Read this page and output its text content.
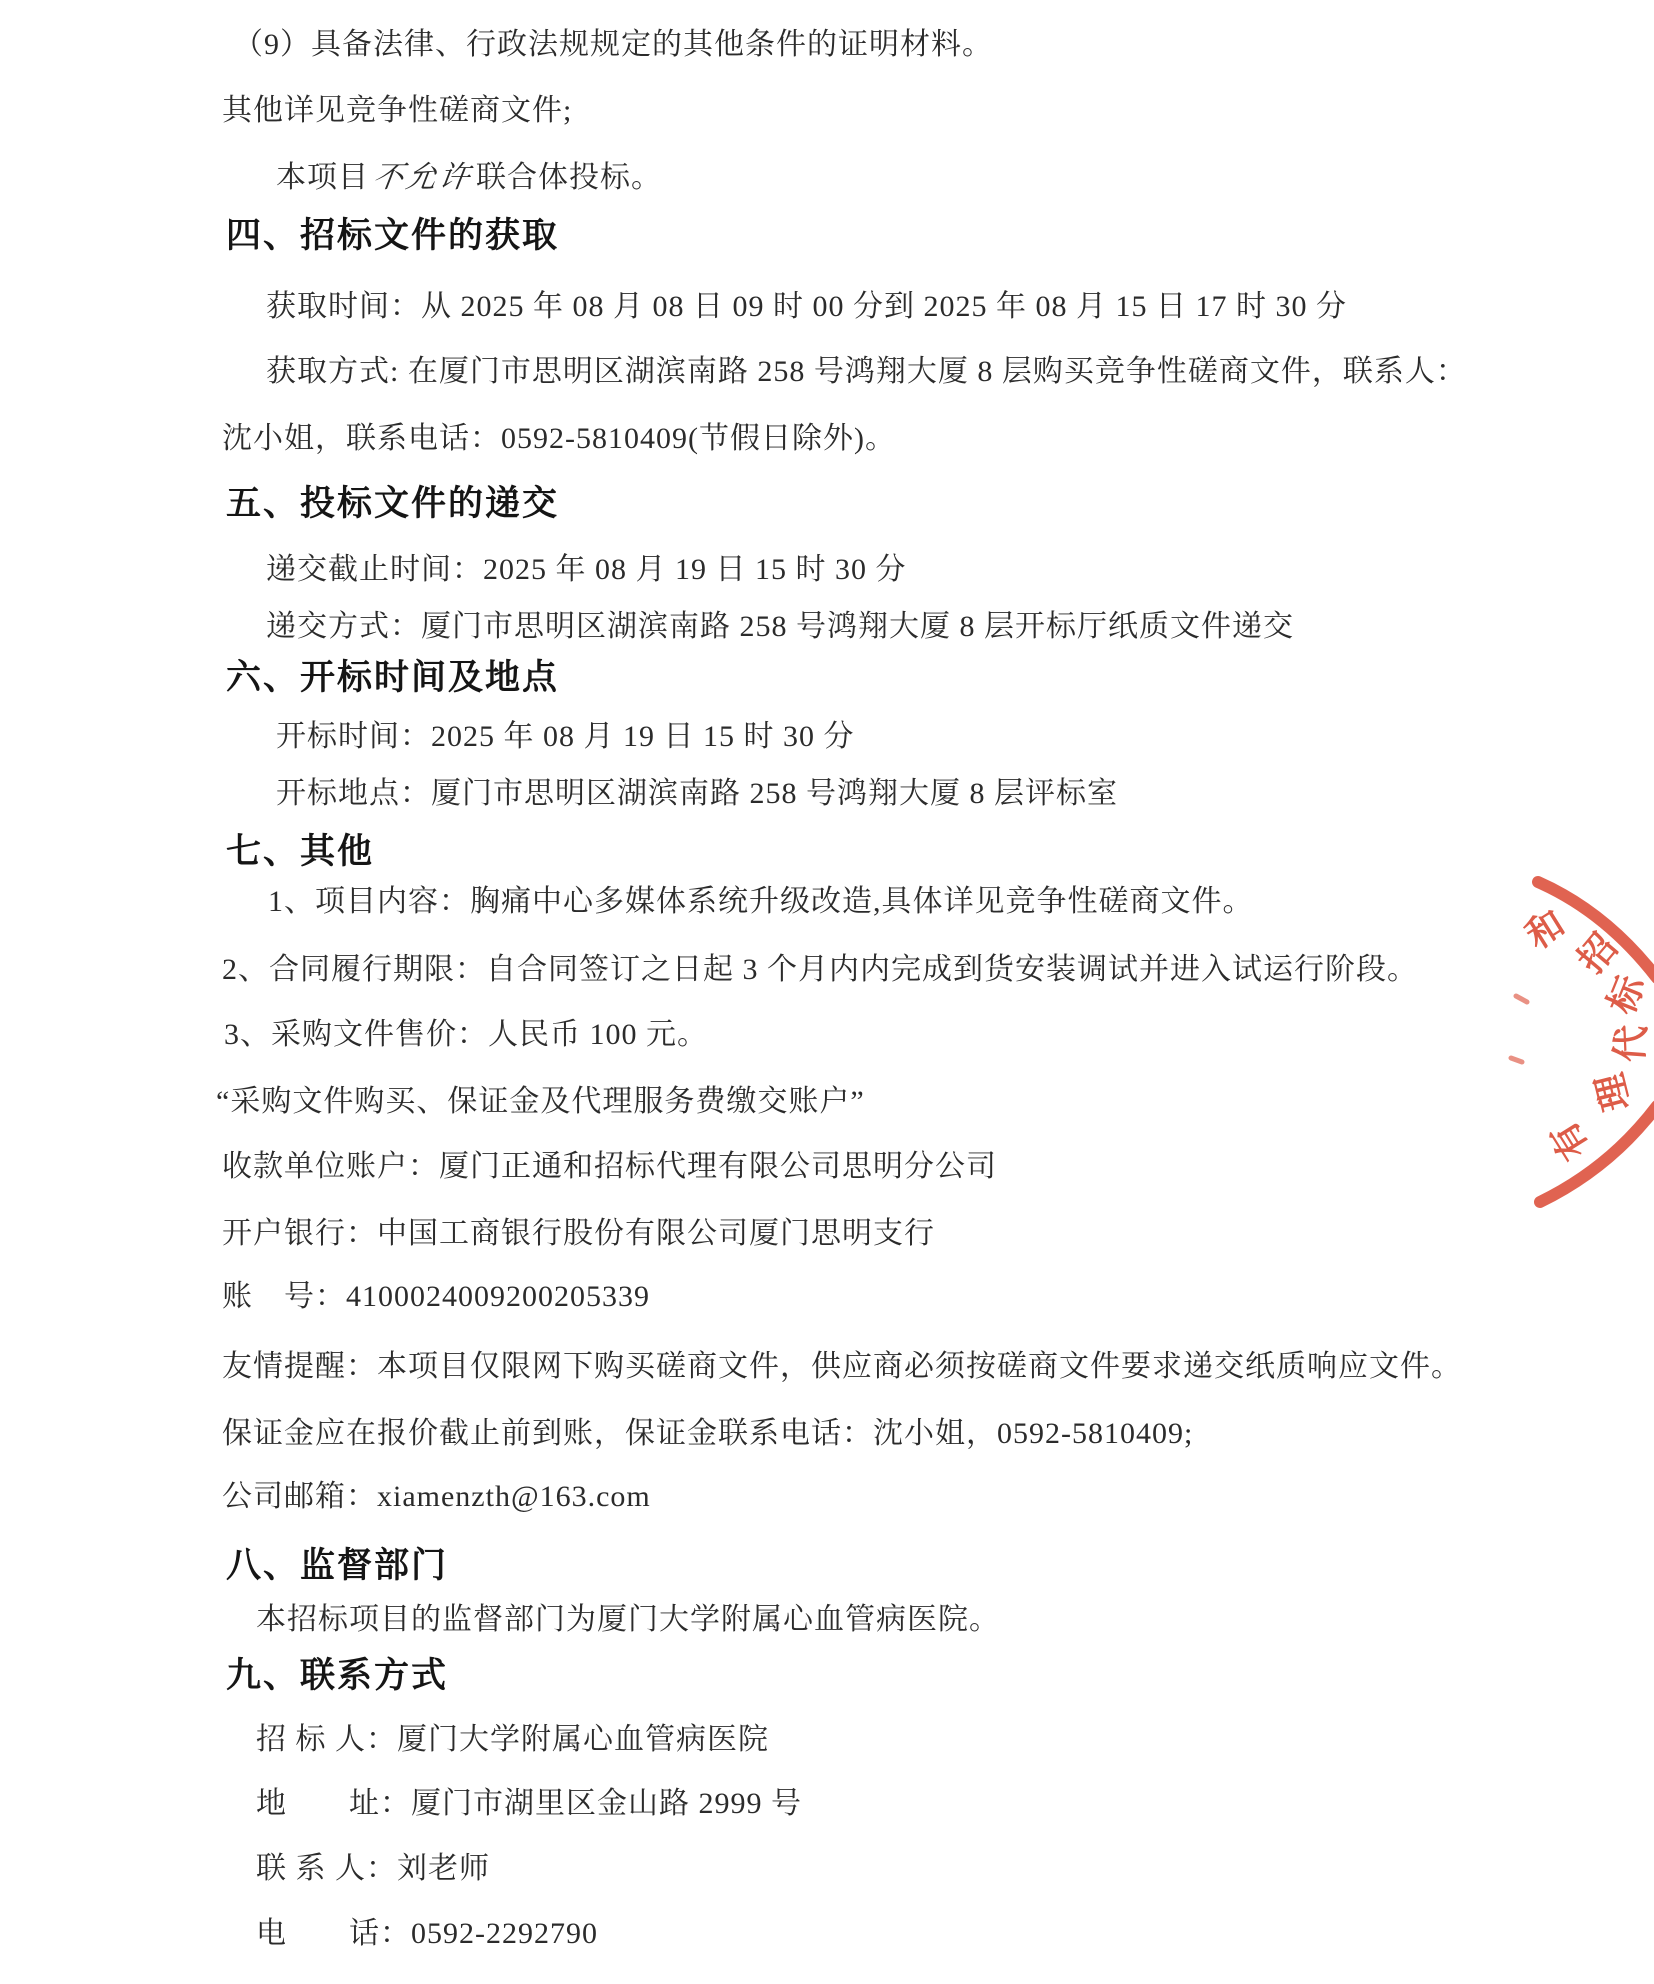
（9）具备法律、行政法规规定的其他条件的证明材料。

其他详见竞争性磋商文件;

本项目不允许联合体投标。

四、招标文件的获取

获取时间：从 2025 年 08 月 08 日 09 时 00 分到 2025 年 08 月 15 日 17 时 30 分

获取方式: 在厦门市思明区湖滨南路 258 号鸿翔大厦 8 层购买竞争性磋商文件，联系人：

沈小姐，联系电话：0592-5810409(节假日除外)。

五、投标文件的递交

递交截止时间：2025 年 08 月 19 日 15 时 30 分

递交方式：厦门市思明区湖滨南路 258 号鸿翔大厦 8 层开标厅纸质文件递交

六、开标时间及地点

开标时间：2025 年 08 月 19 日 15 时 30 分

开标地点：厦门市思明区湖滨南路 258 号鸿翔大厦 8 层评标室

七、其他

1、项目内容：胸痛中心多媒体系统升级改造,具体详见竞争性磋商文件。

2、合同履行期限：自合同签订之日起 3 个月内内完成到货安装调试并进入试运行阶段。

3、采购文件售价：人民币 100 元。

“采购文件购买、保证金及代理服务费缴交账户”

收款单位账户：厦门正通和招标代理有限公司思明分公司

开户银行：中国工商银行股份有限公司厦门思明支行

账　号：4100024009200205339

友情提醒：本项目仅限网下购买磋商文件，供应商必须按磋商文件要求递交纸质响应文件。

保证金应在报价截止前到账，保证金联系电话：沈小姐，0592-5810409;

公司邮箱：xiamenzth@163.com

八、监督部门

本招标项目的监督部门为厦门大学附属心血管病医院。

九、联系方式

招 标 人：厦门大学附属心血管病医院

地　　址：厦门市湖里区金山路 2999 号

联 系 人：刘老师

电　　话：0592-2292790

和
招
标
代
理
有
